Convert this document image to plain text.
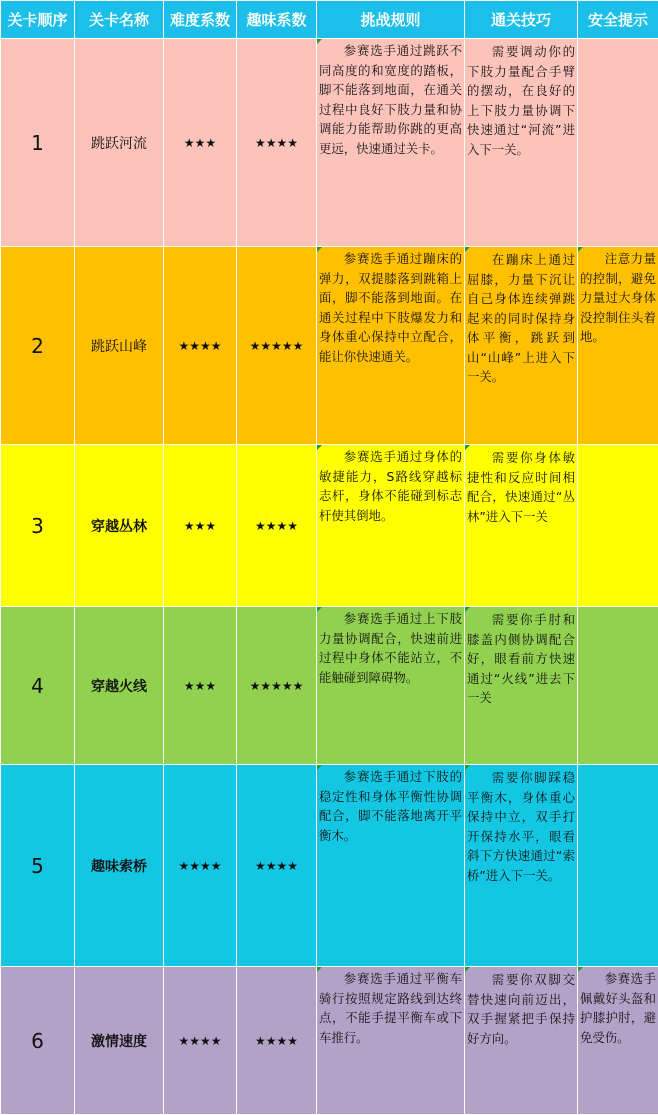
关卡顺序	关卡名称	难度系数	趣味系数	挑战规则	通关技巧	安全提示
1	跳跃河流	★★★	★★★★	参赛选手通过跳跃不同高度的和宽度的踏板，脚不能落到地面，在通关过程中良好下肢力量和协调能力能帮助你跳的更高更远，快速通过关卡。	需要调动你的下肢力量配合手臂的摆动，在良好的上下肢力量协调下快速通过“河流”进入下一关。	

2	跳跃山峰	★★★★	★★★★★	参赛选手通过蹦床的弹力，双提膝落到跳箱上面，脚不能落到地面。在通关过程中下肢爆发力和身体重心保持中立配合，能让你快速通关。	在蹦床上通过屈膝，力量下沉让自己身体连续弹跳起来的同时保持身体平衡，跳跃到山“山峰”上进入下一关。	注意力量的控制，避免力量过大身体没控制住头着地。

3	穿越丛林	★★★	★★★★	参赛选手通过身体的敏捷能力，S路线穿越标志杆，身体不能碰到标志杆使其倒地。	需要你身体敏捷性和反应时间相配合，快速通过“丛林”进入下一关	

4	穿越火线	★★★	★★★★★	参赛选手通过上下肢力量协调配合，快速前进过程中身体不能站立，不能触碰到障碍物。	需要你手肘和膝盖内侧协调配合好，眼看前方快速通过“火线”进去下一关	

5	趣味索桥	★★★★	★★★★	参赛选手通过下肢的稳定性和身体平衡性协调配合，脚不能落地离开平衡木。	需要你脚踩稳平衡木，身体重心保持中立，双手打开保持水平，眼看斜下方快速通过“索桥”进入下一关。	

6	激情速度	★★★★	★★★★	参赛选手通过平衡车骑行按照规定路线到达终点，不能手提平衡车或下车推行。	需要你双脚交替快速向前迈出，双手握紧把手保持好方向。	参赛选手佩戴好头盔和护膝护肘，避免受伤。
